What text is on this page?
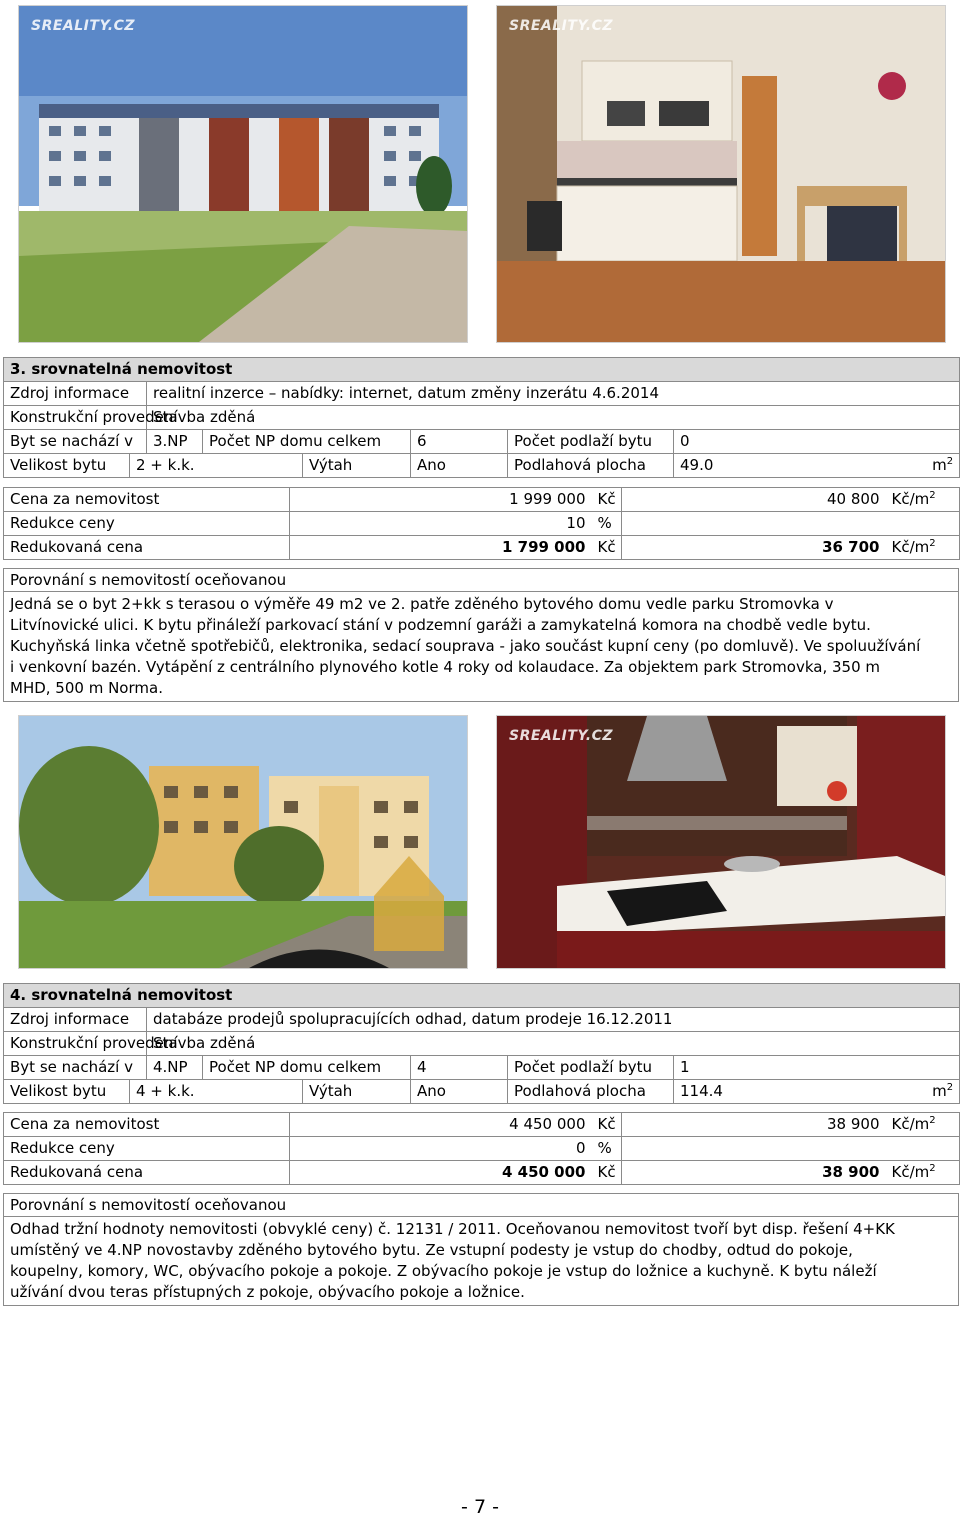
SREALITY.CZ	SREALITY.CZ
3. srovnatelná nemovitost							
Zdroj informace		realitní inzerce – nabídky: internet, datum změny inzerátu 4.6.2014					
Konstrukční provedení		Stavba zděná					
Byt se nachází v		3.NP	Počet NP domu celkem		6	Počet podlaží bytu	0
Velikost bytu	2 + k.k.			Výtah	Ano	Podlahová plocha	49.0 $m^2$
Cena za nemovitost	1 999 000	Kč	40 800	$Kč/m^2$
Redukce ceny	10	%		
Redukovaná cena	1 799 000	Kč	36 700	$Kč/m^2$
Porovnání s nemovitostí oceňovanou
Jedná se o byt 2+kk s terasou o výměře 49 m2 ve 2. patře zděného bytového domu vedle parku Stromovka v
Litvínovické ulici. K bytu přináleží parkovací stání v podzemní garáži a zamykatelná komora na chodbě vedle bytu.
Kuchyňská linka včetně spotřebičů, elektronika, sedací souprava - jako součást kupní ceny (po domluvě). Ve spoluužívání
i venkovní bazén. Vytápění z centrálního plynového kotle 4 roky od kolaudace. Za objektem park Stromovka, 350 m
MHD, 500 m Norma.
SREALITY.CZ
4. srovnatelná nemovitost							
Zdroj informace		databáze prodejů spolupracujících odhad, datum prodeje 16.12.2011					
Konstrukční provedení		Stavba zděná					
Byt se nachází v		4.NP	Počet NP domu celkem		4	Počet podlaží bytu	1
Velikost bytu	4 + k.k.			Výtah	Ano	Podlahová plocha	114.4 $m^2$
Cena za nemovitost	4 450 000	Kč	38 900	$Kč/m^2$
Redukce ceny	0	%		
Redukovaná cena	4 450 000	Kč	38 900	$Kč/m^2$
Porovnání s nemovitostí oceňovanou
Odhad tržní hodnoty nemovitosti (obvyklé ceny) č. 12131 / 2011. Oceňovanou nemovitost tvoří byt disp. řešení 4+KK
umístěný ve 4.NP novostavby zděného bytového bytu. Ze vstupní podesty je vstup do chodby, odtud do pokoje,
koupelny, komory, WC, obývacího pokoje a pokoje. Z obývacího pokoje je vstup do ložnice a kuchyně. K bytu náleží
užívání dvou teras přístupných z pokoje, obývacího pokoje a ložnice.
- 7 -
